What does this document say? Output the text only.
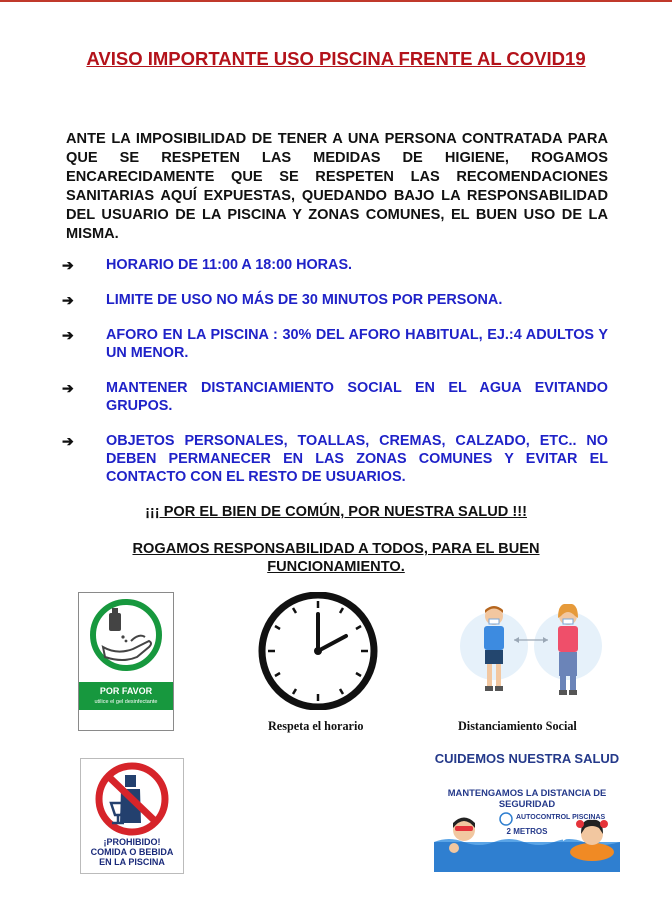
AVISO IMPORTANTE USO PISCINA FRENTE AL COVID19

ANTE LA IMPOSIBILIDAD DE TENER A UNA PERSONA CONTRATADA PARA QUE SE RESPETEN LAS MEDIDAS DE HIGIENE, ROGAMOS ENCARECIDAMENTE QUE SE RESPETEN LAS RECOMENDACIONES SANITARIAS AQUÍ EXPUESTAS, QUEDANDO BAJO LA RESPONSABILIDAD DEL USUARIO DE LA PISCINA Y ZONAS COMUNES, EL BUEN USO DE LA MISMA.

➔	HORARIO DE 11:00 A 18:00 HORAS.
➔	LIMITE DE USO NO MÁS DE 30 MINUTOS POR PERSONA.
➔	AFORO EN LA PISCINA : 30% DEL AFORO HABITUAL, EJ.:4 ADULTOS Y UN MENOR.
➔	MANTENER DISTANCIAMIENTO SOCIAL EN EL AGUA EVITANDO GRUPOS.
➔	OBJETOS PERSONALES, TOALLAS, CREMAS, CALZADO, ETC.. NO DEBEN PERMANECER EN LAS ZONAS COMUNES Y EVITAR EL CONTACTO CON EL RESTO DE USUARIOS.

¡¡¡ POR EL BIEN DE COMÚN, POR NUESTRA SALUD !!!

ROGAMOS RESPONSABILIDAD A TODOS, PARA EL BUEN FUNCIONAMIENTO.

POR FAVOR
utilice el gel desinfectante
Respeta el horario	Distanciamiento Social
¡PROHIBIDO!
COMIDA O BEBIDA
EN LA PISCINA
CUIDEMOS NUESTRA SALUD
MANTENGAMOS LA DISTANCIA DE SEGURIDAD
AUTOCONTROL PISCINAS
2 METROS
